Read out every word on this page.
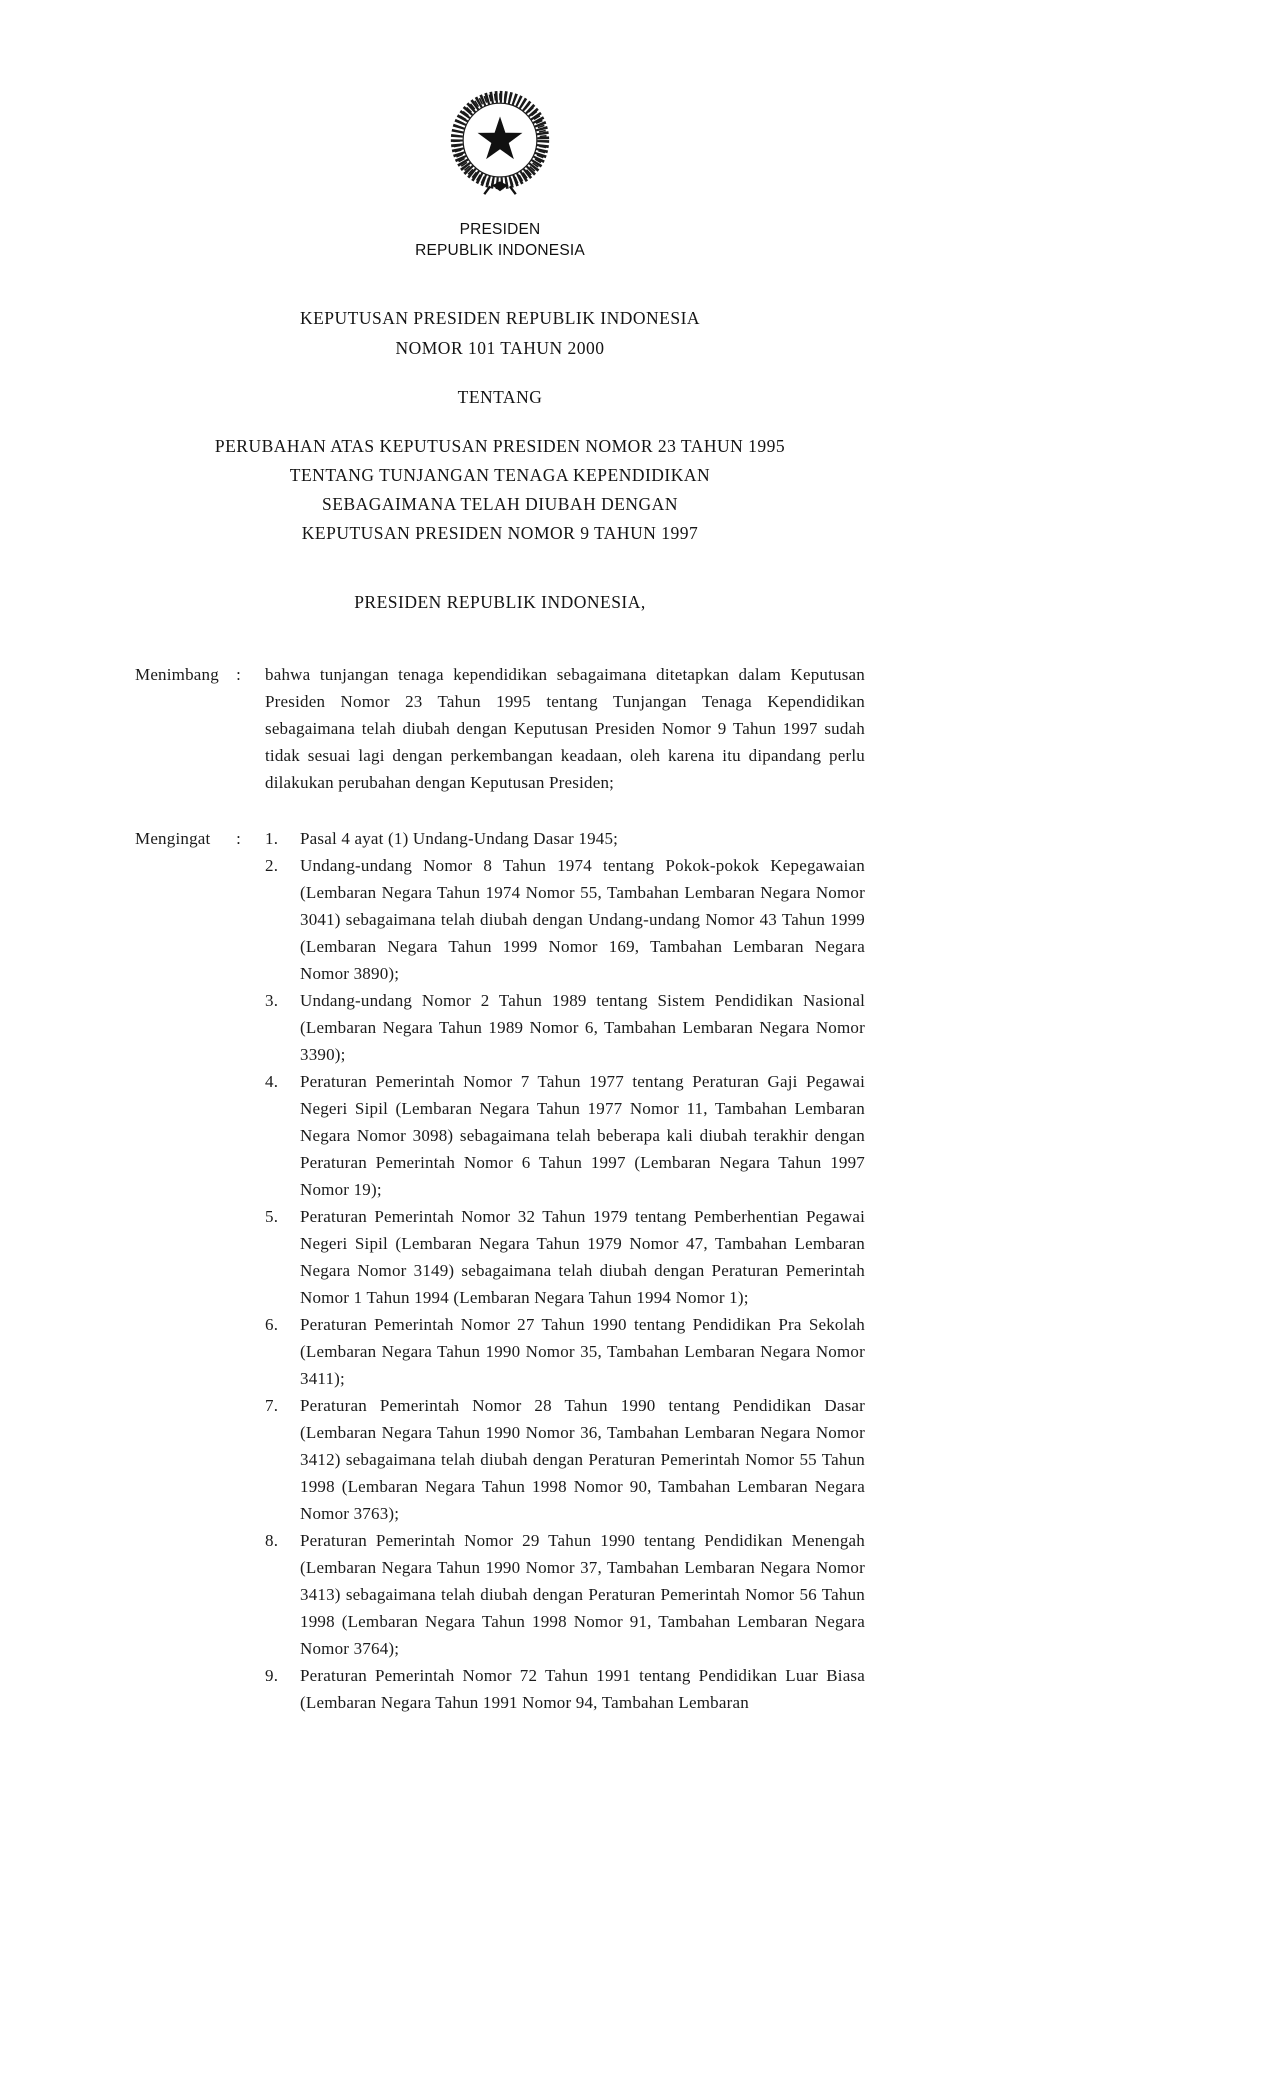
PRESIDEN
REPUBLIK INDONESIA
KEPUTUSAN PRESIDEN REPUBLIK INDONESIA
NOMOR 101 TAHUN 2000
TENTANG
PERUBAHAN ATAS KEPUTUSAN PRESIDEN NOMOR 23 TAHUN 1995
TENTANG TUNJANGAN TENAGA KEPENDIDIKAN
SEBAGAIMANA TELAH DIUBAH DENGAN
KEPUTUSAN PRESIDEN NOMOR 9 TAHUN 1997
PRESIDEN REPUBLIK INDONESIA,
Menimbang : bahwa tunjangan tenaga kependidikan sebagaimana ditetapkan dalam Keputusan Presiden Nomor 23 Tahun 1995 tentang Tunjangan Tenaga Kependidikan sebagaimana telah diubah dengan Keputusan Presiden Nomor 9 Tahun 1997 sudah tidak sesuai lagi dengan perkembangan keadaan, oleh karena itu dipandang perlu dilakukan perubahan dengan Keputusan Presiden;
Mengingat : 1.	Pasal 4 ayat (1) Undang-Undang Dasar 1945;
2.	Undang-undang Nomor 8 Tahun 1974 tentang Pokok-pokok Kepegawaian (Lembaran Negara Tahun 1974 Nomor 55, Tambahan Lembaran Negara Nomor 3041) sebagaimana telah diubah dengan Undang-undang Nomor 43 Tahun 1999 (Lembaran Negara Tahun 1999 Nomor 169, Tambahan Lembaran Negara Nomor 3890);
3.	Undang-undang Nomor 2 Tahun 1989 tentang Sistem Pendidikan Nasional (Lembaran Negara Tahun 1989 Nomor 6, Tambahan Lembaran Negara Nomor 3390);
4.	Peraturan Pemerintah Nomor 7 Tahun 1977 tentang Peraturan Gaji Pegawai Negeri Sipil (Lembaran Negara Tahun 1977 Nomor 11, Tambahan Lembaran Negara Nomor 3098) sebagaimana telah beberapa kali diubah terakhir dengan Peraturan Pemerintah Nomor 6 Tahun 1997 (Lembaran Negara Tahun 1997 Nomor 19);
5.	Peraturan Pemerintah Nomor 32 Tahun 1979 tentang Pemberhentian Pegawai Negeri Sipil (Lembaran Negara Tahun 1979 Nomor 47, Tambahan Lembaran Negara Nomor 3149) sebagaimana telah diubah dengan Peraturan Pemerintah Nomor 1 Tahun 1994 (Lembaran Negara Tahun 1994 Nomor 1);
6.	Peraturan Pemerintah Nomor 27 Tahun 1990 tentang Pendidikan Pra Sekolah (Lembaran Negara Tahun 1990 Nomor 35, Tambahan Lembaran Negara Nomor 3411);
7.	Peraturan Pemerintah Nomor 28 Tahun 1990 tentang Pendidikan Dasar (Lembaran Negara Tahun 1990 Nomor 36, Tambahan Lembaran Negara Nomor 3412) sebagaimana telah diubah dengan Peraturan Pemerintah Nomor 55 Tahun 1998 (Lembaran Negara Tahun 1998 Nomor 90, Tambahan Lembaran Negara Nomor 3763);
8.	Peraturan Pemerintah Nomor 29 Tahun 1990 tentang Pendidikan Menengah (Lembaran Negara Tahun 1990 Nomor 37, Tambahan Lembaran Negara Nomor 3413) sebagaimana telah diubah dengan Peraturan Pemerintah Nomor 56 Tahun 1998 (Lembaran Negara Tahun 1998 Nomor 91, Tambahan Lembaran Negara Nomor 3764);
9.	Peraturan Pemerintah Nomor 72 Tahun 1991 tentang Pendidikan Luar Biasa (Lembaran Negara Tahun 1991 Nomor 94, Tambahan Lembaran
